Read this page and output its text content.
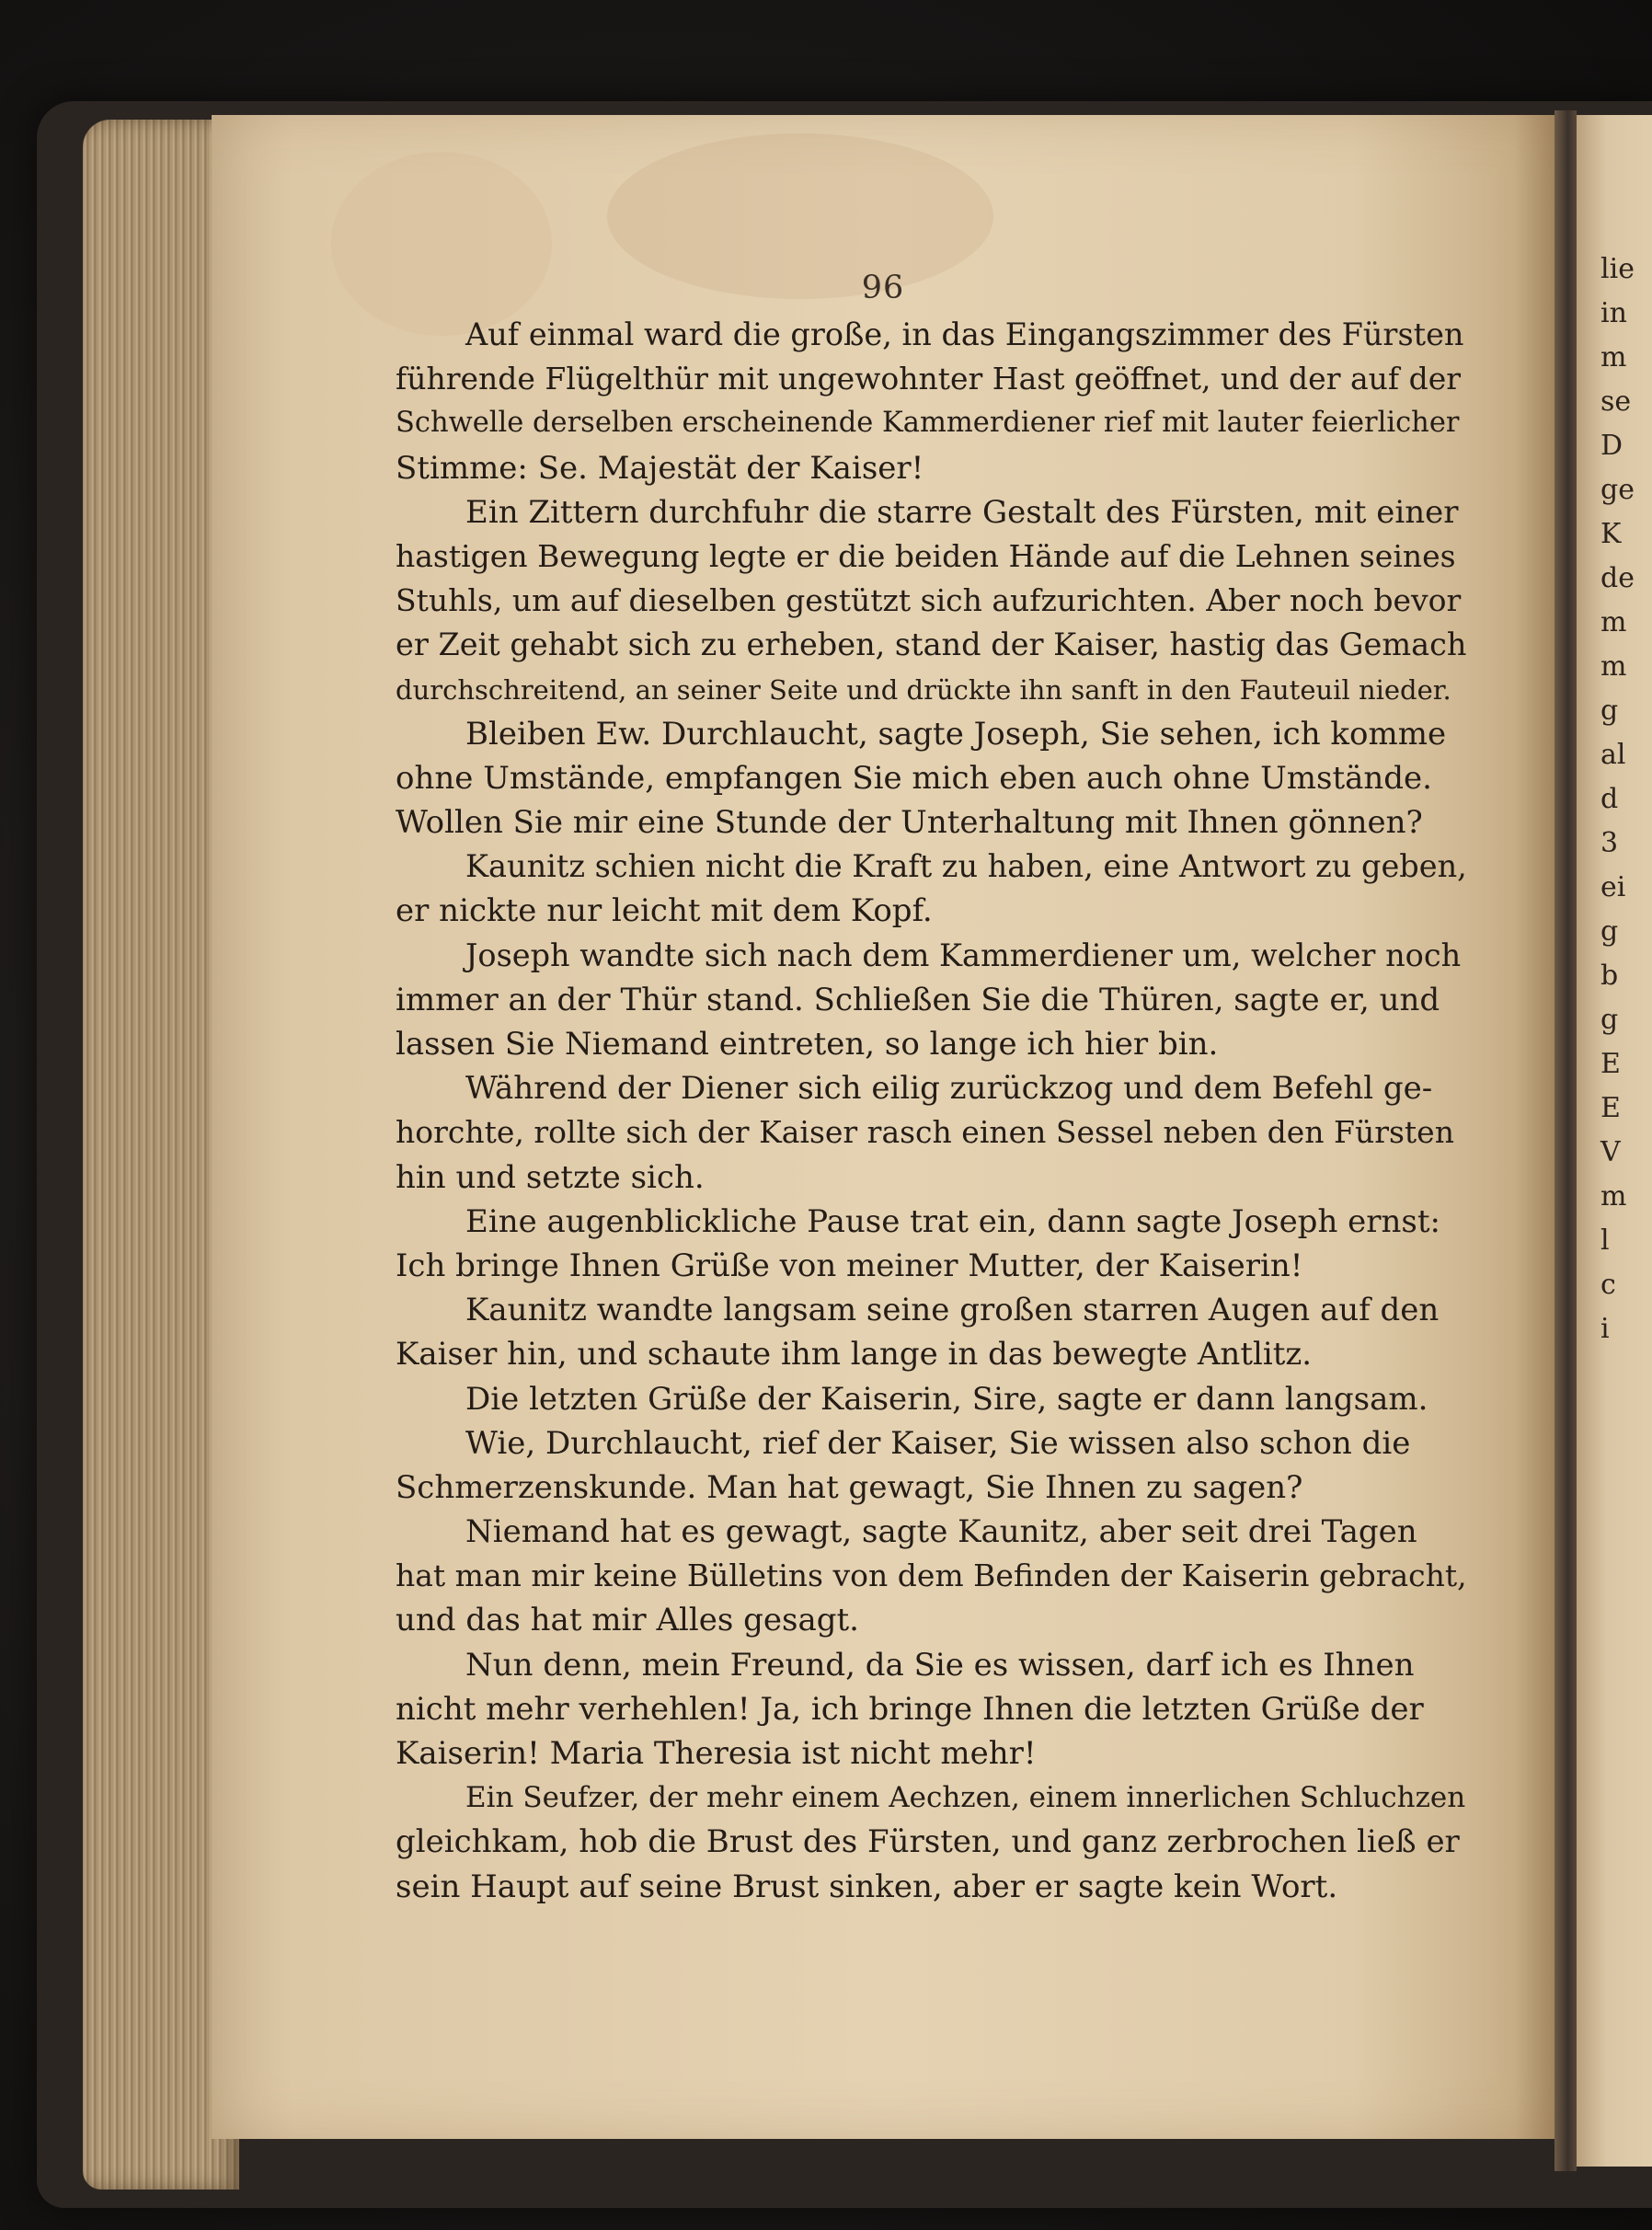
96
Auf einmal ward die große, in das Eingangszimmer des Fürsten
führende Flügelthür mit ungewohnter Hast geöffnet, und der auf der
Schwelle derselben erscheinende Kammerdiener rief mit lauter feierlicher
Stimme: Se. Majestät der Kaiser!
Ein Zittern durchfuhr die starre Gestalt des Fürsten, mit einer
hastigen Bewegung legte er die beiden Hände auf die Lehnen seines
Stuhls, um auf dieselben gestützt sich aufzurichten. Aber noch bevor
er Zeit gehabt sich zu erheben, stand der Kaiser, hastig das Gemach
durchschreitend, an seiner Seite und drückte ihn sanft in den Fauteuil nieder.
Bleiben Ew. Durchlaucht, sagte Joseph, Sie sehen, ich komme
ohne Umstände, empfangen Sie mich eben auch ohne Umstände.
Wollen Sie mir eine Stunde der Unterhaltung mit Ihnen gönnen?
Kaunitz schien nicht die Kraft zu haben, eine Antwort zu geben,
er nickte nur leicht mit dem Kopf.
Joseph wandte sich nach dem Kammerdiener um, welcher noch
immer an der Thür stand. Schließen Sie die Thüren, sagte er, und
lassen Sie Niemand eintreten, so lange ich hier bin.
Während der Diener sich eilig zurückzog und dem Befehl ge-
horchte, rollte sich der Kaiser rasch einen Sessel neben den Fürsten
hin und setzte sich.
Eine augenblickliche Pause trat ein, dann sagte Joseph ernst:
Ich bringe Ihnen Grüße von meiner Mutter, der Kaiserin!
Kaunitz wandte langsam seine großen starren Augen auf den
Kaiser hin, und schaute ihm lange in das bewegte Antlitz.
Die letzten Grüße der Kaiserin, Sire, sagte er dann langsam.
Wie, Durchlaucht, rief der Kaiser, Sie wissen also schon die
Schmerzenskunde. Man hat gewagt, Sie Ihnen zu sagen?
Niemand hat es gewagt, sagte Kaunitz, aber seit drei Tagen
hat man mir keine Bülletins von dem Befinden der Kaiserin gebracht,
und das hat mir Alles gesagt.
Nun denn, mein Freund, da Sie es wissen, darf ich es Ihnen
nicht mehr verhehlen! Ja, ich bringe Ihnen die letzten Grüße der
Kaiserin! Maria Theresia ist nicht mehr!
Ein Seufzer, der mehr einem Aechzen, einem innerlichen Schluchzen
gleichkam, hob die Brust des Fürsten, und ganz zerbrochen ließ er
sein Haupt auf seine Brust sinken, aber er sagte kein Wort.
lie
in
m
se
D
ge
K
de
m
m
g
al
d
3
ei
g
b
g
E
E
V
m
l
c
i
